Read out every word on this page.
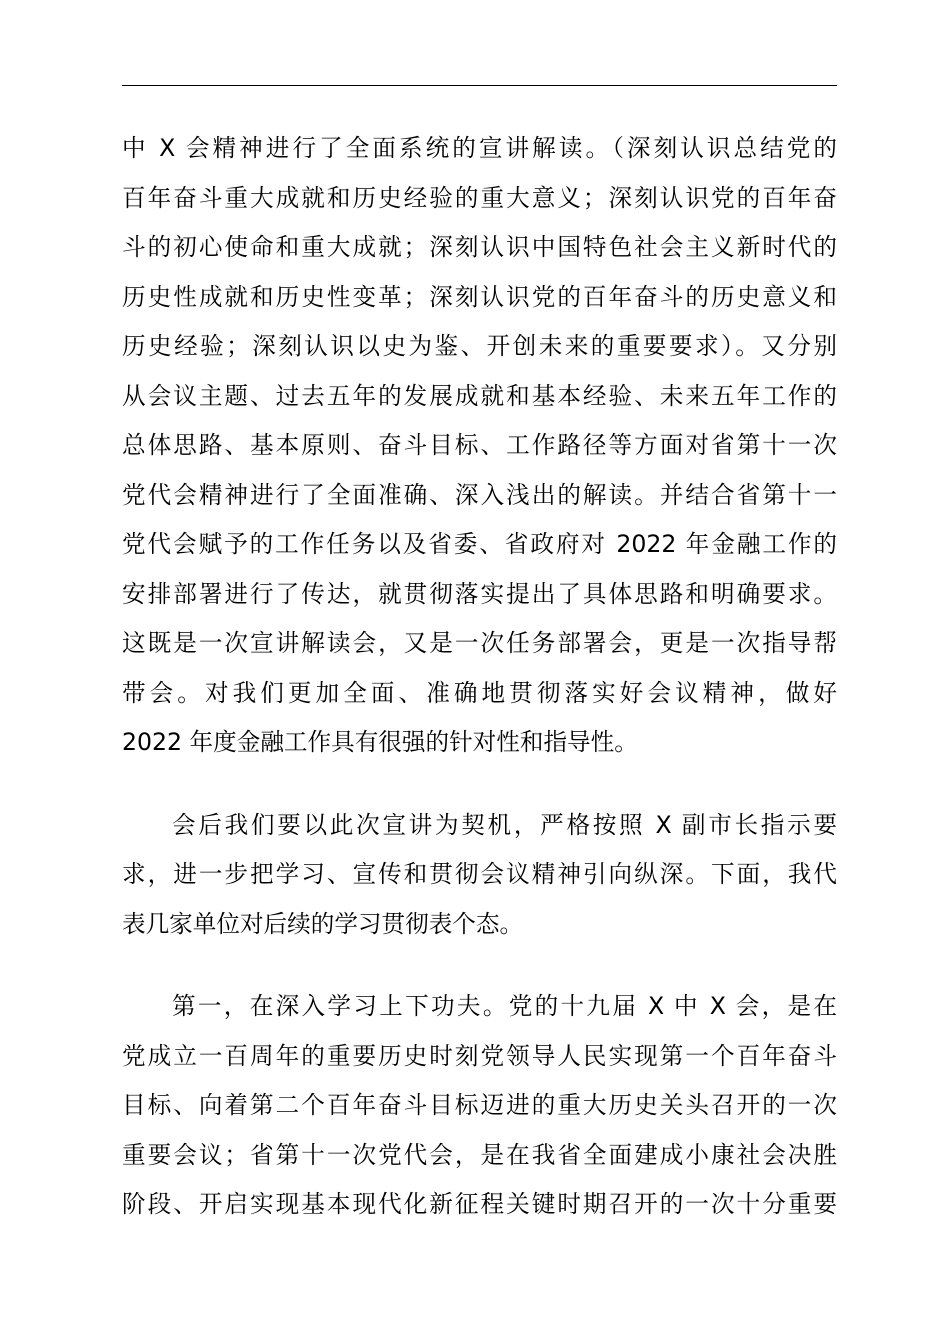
中 X 会精神进行了全面系统的宣讲解读。（深刻认识总结党的
百年奋斗重大成就和历史经验的重大意义；深刻认识党的百年奋
斗的初心使命和重大成就；深刻认识中国特色社会主义新时代的
历史性成就和历史性变革；深刻认识党的百年奋斗的历史意义和
历史经验；深刻认识以史为鉴、开创未来的重要要求）。又分别
从会议主题、过去五年的发展成就和基本经验、未来五年工作的
总体思路、基本原则、奋斗目标、工作路径等方面对省第十一次
党代会精神进行了全面准确、深入浅出的解读。并结合省第十一
党代会赋予的工作任务以及省委、省政府对 2022 年金融工作的
安排部署进行了传达，就贯彻落实提出了具体思路和明确要求。
这既是一次宣讲解读会，又是一次任务部署会，更是一次指导帮
带会。对我们更加全面、准确地贯彻落实好会议精神，做好
2022 年度金融工作具有很强的针对性和指导性。
会后我们要以此次宣讲为契机，严格按照 X 副市长指示要
求，进一步把学习、宣传和贯彻会议精神引向纵深。下面，我代
表几家单位对后续的学习贯彻表个态。
第一，在深入学习上下功夫。党的十九届 X 中 X 会，是在
党成立一百周年的重要历史时刻党领导人民实现第一个百年奋斗
目标、向着第二个百年奋斗目标迈进的重大历史关头召开的一次
重要会议；省第十一次党代会，是在我省全面建成小康社会决胜
阶段、开启实现基本现代化新征程关键时期召开的一次十分重要
